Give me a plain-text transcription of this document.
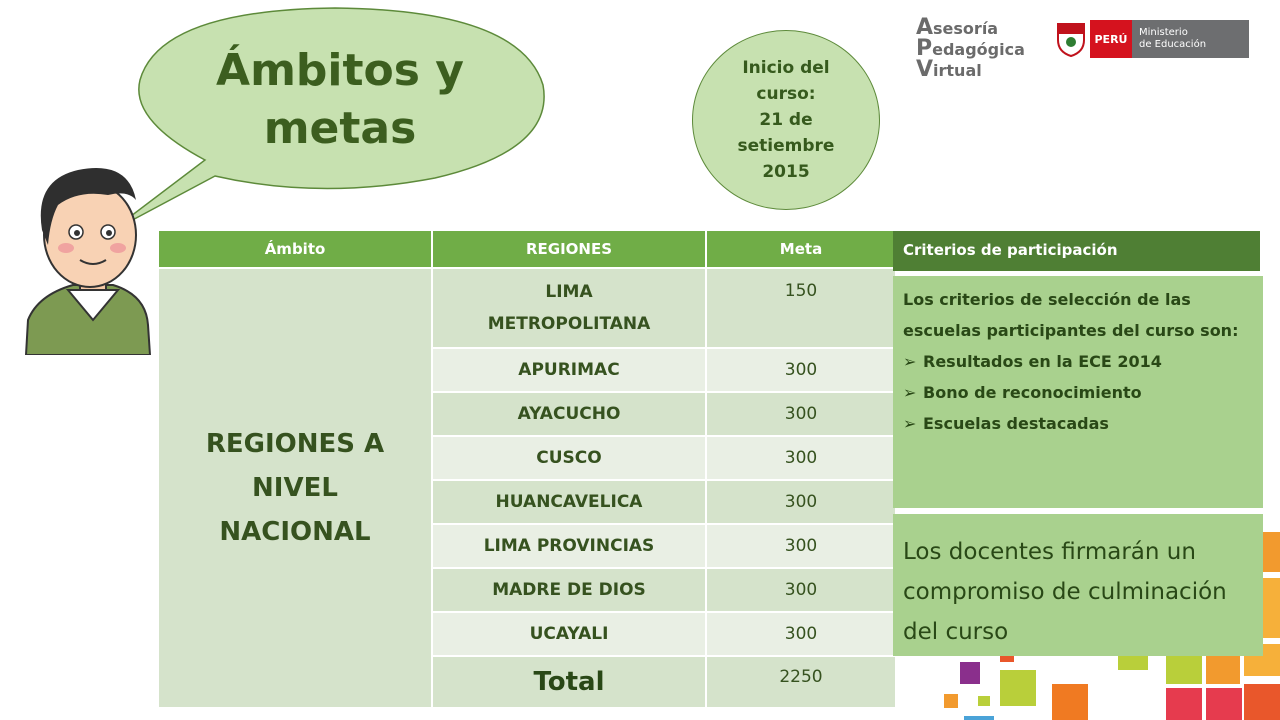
Ámbitos y metas
Inicio del
curso:
21 de
setiembre
2015
Asesoría
Pedagógica
Virtual
PERÚ	Ministerio
de Educación
Ámbito	REGIONES	Meta
REGIONES A
NIVEL
NACIONAL
LIMA METROPOLITANA
150
APURIMAC	300
AYACUCHO	300
CUSCO	300
HUANCAVELICA	300
LIMA PROVINCIAS	300
MADRE DE DIOS	300
UCAYALI	300
Total	2250
Criterios de participación
Los criterios de selección de las escuelas participantes del curso son:
➢ Resultados en la ECE 2014
➢ Bono de reconocimiento
➢ Escuelas destacadas
Los docentes firmarán un compromiso de culminación del curso
